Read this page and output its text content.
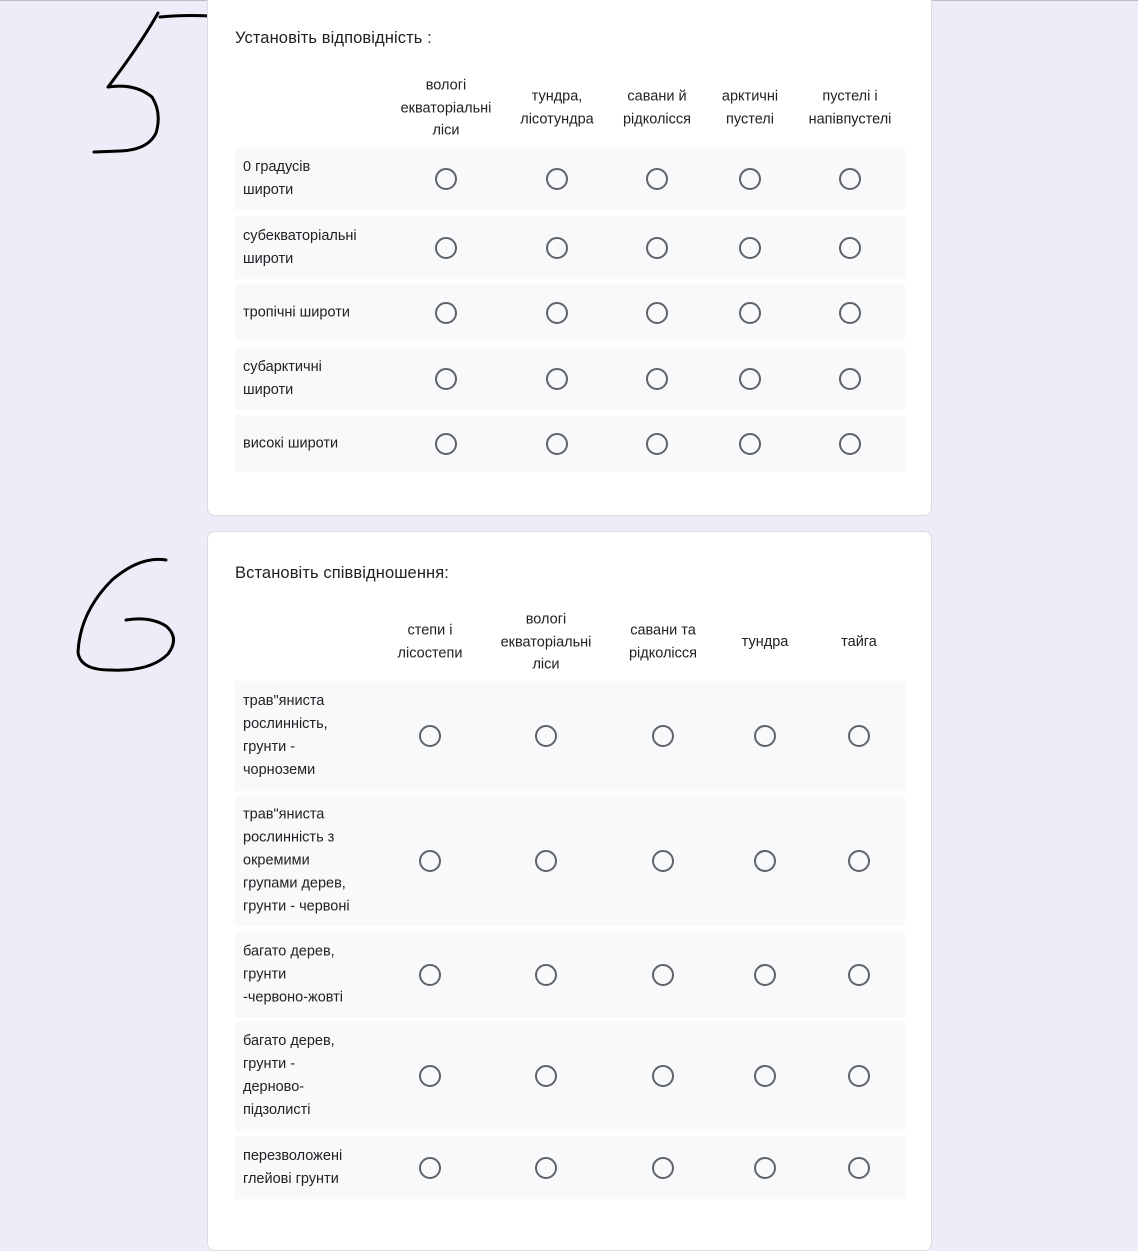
Установіть відповідність :
вологі
екваторіальні
ліси
тундра,
лісотундра
савани й
рідколісся
арктичні
пустелі
пустелі і
напівпустелі
0 градусів
широти
субекваторіальні
широти
тропічні широти
субарктичні
широти
високі широти
Встановіть співвідношення:
степи і
лісостепи
вологі
екваторіальні
ліси
савани та
рідколісся
тундра	тайга
трав"яниста
рослинність,
грунти -
чорноземи
трав"яниста
рослинність з
окремими
групами дерев,
грунти - червоні
багато дерев,
грунти
-червоно-жовті
багато дерев,
грунти -
дерново-
підзолисті
перезволожені
глейові грунти
